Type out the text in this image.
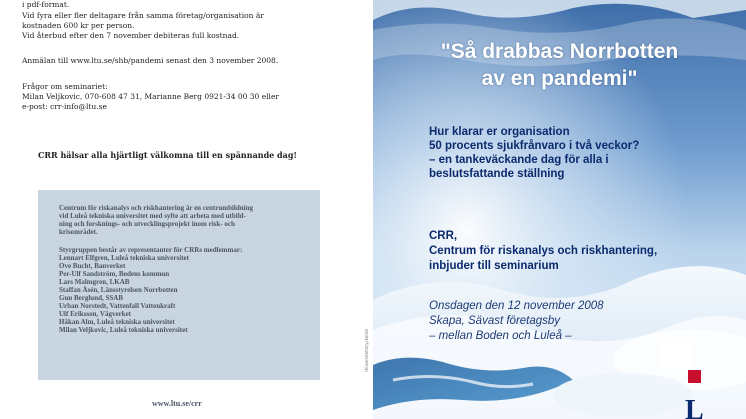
i pdf-format.
Vid fyra eller fler deltagare från samma företag/organisation är
kostnaden 600 kr per person.
Vid återbud efter den 7 november debiteras full kostnad.
Anmälan till www.ltu.se/shb/pandemi senast den 3 november 2008.
Frågor om seminariet:
Milan Veljkovic, 070-608 47 31, Marianne Berg 0921-34 00 30 eller
e-post: crr-info@ltu.se
CRR hälsar alla hjärtligt välkomna till en spännande dag!
Centrum för riskanalys och riskhantering är en centrumbildning
vid Luleå tekniska universitet med syfte att arbeta med utbild-
ning och forsknings- och utvecklingsprojekt inom risk- och
krisområdet.
Styrgruppen består av representanter för CRRs medlemmar:
Lennart Elfgren, Luleå tekniska universitet
Ove Bucht, Banverket
Per-Ulf Sandström, Bodens kommun
Lars Malmgren, LKAB
Staffan Åsén, Länsstyrelsen Norrbotten
Gun Berglund, SSAB
Urban Norstedt, Vattenfall Vattenkraft
Ulf Eriksson, Vägverket
Håkan Alm, Luleå tekniska universitet
Milan Veljkovic, Luleå tekniska universitet
www.ltu.se/crr
Universitetstryckeriet
"Så drabbas Norrbotten
av en pandemi"
Hur klarar er organisation
50 procents sjukfrånvaro i två veckor?
– en tankeväckande dag för alla i
beslutsfattande ställning
CRR,
Centrum för riskanalys och riskhantering,
inbjuder till seminarium
Onsdagen den 12 november 2008
Skapa, Sävast företagsby
– mellan Boden och Luleå –
L
